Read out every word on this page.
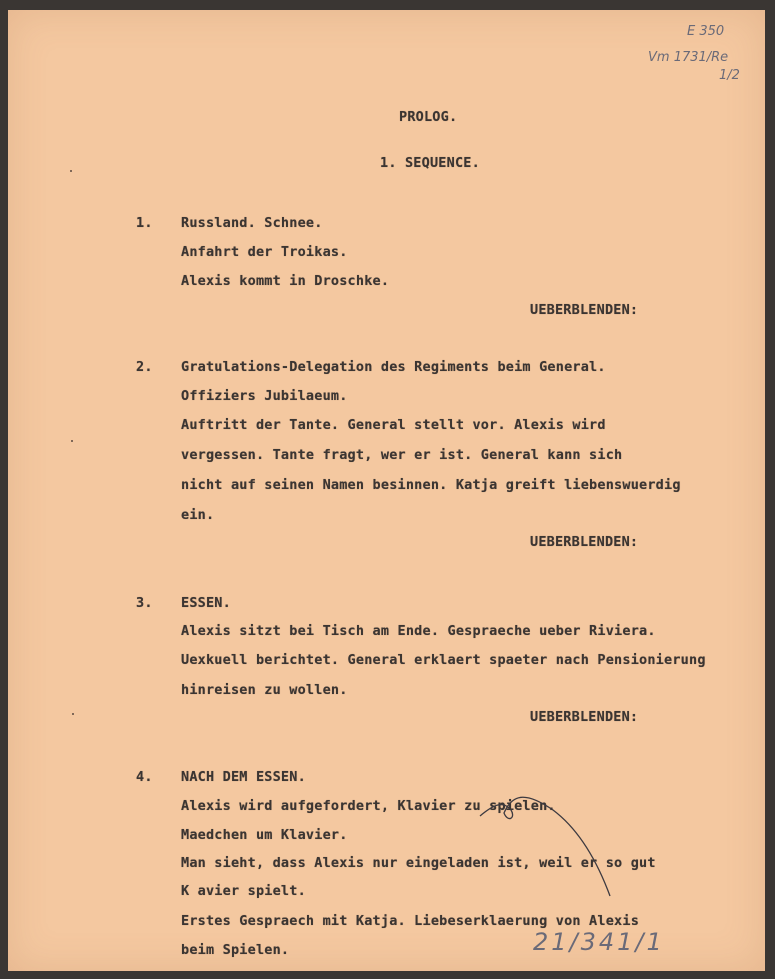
E 350
Vm 1731/Re
1/2
21/341/1
PROLOG.
1. SEQUENCE.
1. Russland. Schnee.
Anfahrt der Troikas.
Alexis kommt in Droschke.
UEBERBLENDEN:
2. Gratulations-Delegation des Regiments beim General.
Offiziers Jubilaeum.
Auftritt der Tante. General stellt vor. Alexis wird
vergessen. Tante fragt, wer er ist. General kann sich
nicht auf seinen Namen besinnen. Katja greift liebenswuerdig
ein.
UEBERBLENDEN:
3. ESSEN.
Alexis sitzt bei Tisch am Ende. Gespraeche ueber Riviera.
Uexkuell berichtet. General erklaert spaeter nach Pensionierung
hinreisen zu wollen.
UEBERBLENDEN:
4. NACH DEM ESSEN.
Alexis wird aufgefordert, Klavier zu spielen.
Maedchen um Klavier.
Man sieht, dass Alexis nur eingeladen ist, weil er so gut
K avier spielt.
Erstes Gespraech mit Katja. Liebeserklaerung von Alexis
beim Spielen.
